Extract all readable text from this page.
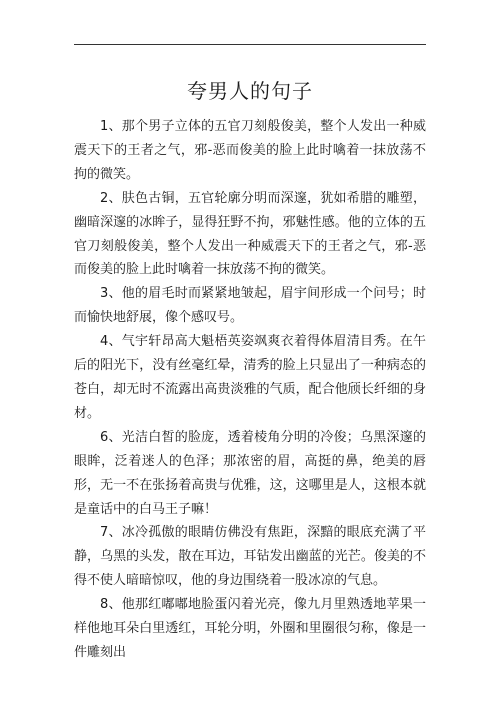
夸男人的句子

1、那个男子立体的五官刀刻般俊美，整个人发出一种威震天下的王者之气，邪-恶而俊美的脸上此时噙着一抹放荡不拘的微笑。

2、肤色古铜，五官轮廓分明而深邃，犹如希腊的雕塑，幽暗深邃的冰眸子，显得狂野不拘，邪魅性感。他的立体的五官刀刻般俊美，整个人发出一种威震天下的王者之气，邪-恶而俊美的脸上此时噙着一抹放荡不拘的微笑。

3、他的眉毛时而紧紧地皱起，眉宇间形成一个问号；时而愉快地舒展，像个感叹号。

4、气宇轩昂高大魁梧英姿飒爽衣着得体眉清目秀。在午后的阳光下，没有丝毫红晕，清秀的脸上只显出了一种病态的苍白，却无时不流露出高贵淡雅的气质，配合他颀长纤细的身材。

6、光洁白皙的脸庞，透着棱角分明的冷俊；乌黑深邃的眼眸，泛着迷人的色泽；那浓密的眉，高挺的鼻，绝美的唇形，无一不在张扬着高贵与优雅，这，这哪里是人，这根本就是童话中的白马王子嘛！

7、冰冷孤傲的眼睛仿佛没有焦距，深黯的眼底充满了平静，乌黑的头发，散在耳边，耳钻发出幽蓝的光芒。俊美的不得不使人暗暗惊叹，他的身边围绕着一股冰凉的气息。

8、他那红嘟嘟地脸蛋闪着光亮，像九月里熟透地苹果一样他地耳朵白里透红，耳轮分明，外圈和里圈很匀称，像是一件雕刻出
